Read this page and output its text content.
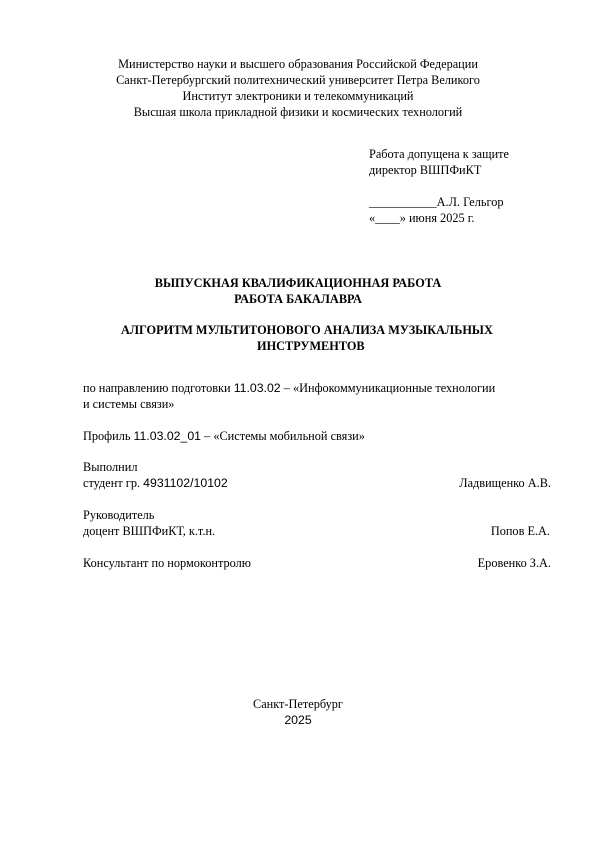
Министерство науки и высшего образования Российской Федерации
Санкт-Петербургский политехнический университет Петра Великого
Институт электроники и телекоммуникаций
Высшая школа прикладной физики и космических технологий
Работа допущена к защите
директор ВШПФиКТ
___________А.Л. Гельгор
«____» июня 2025 г.
ВЫПУСКНАЯ КВАЛИФИКАЦИОННАЯ РАБОТА
РАБОТА БАКАЛАВРА
АЛГОРИТМ МУЛЬТИТОНОВОГО АНАЛИЗА МУЗЫКАЛЬНЫХ
ИНСТРУМЕНТОВ
по направлению подготовки 11.03.02 – «Инфокоммуникационные технологии
и системы связи»
Профиль 11.03.02_01 – «Системы мобильной связи»
Выполнил
студент гр. 4931102/10102	Ладвищенко А.В.
Руководитель
доцент ВШПФиКТ, к.т.н.	Попов Е.А.
Консультант по нормоконтролю	Еровенко З.А.
Санкт-Петербург
2025
